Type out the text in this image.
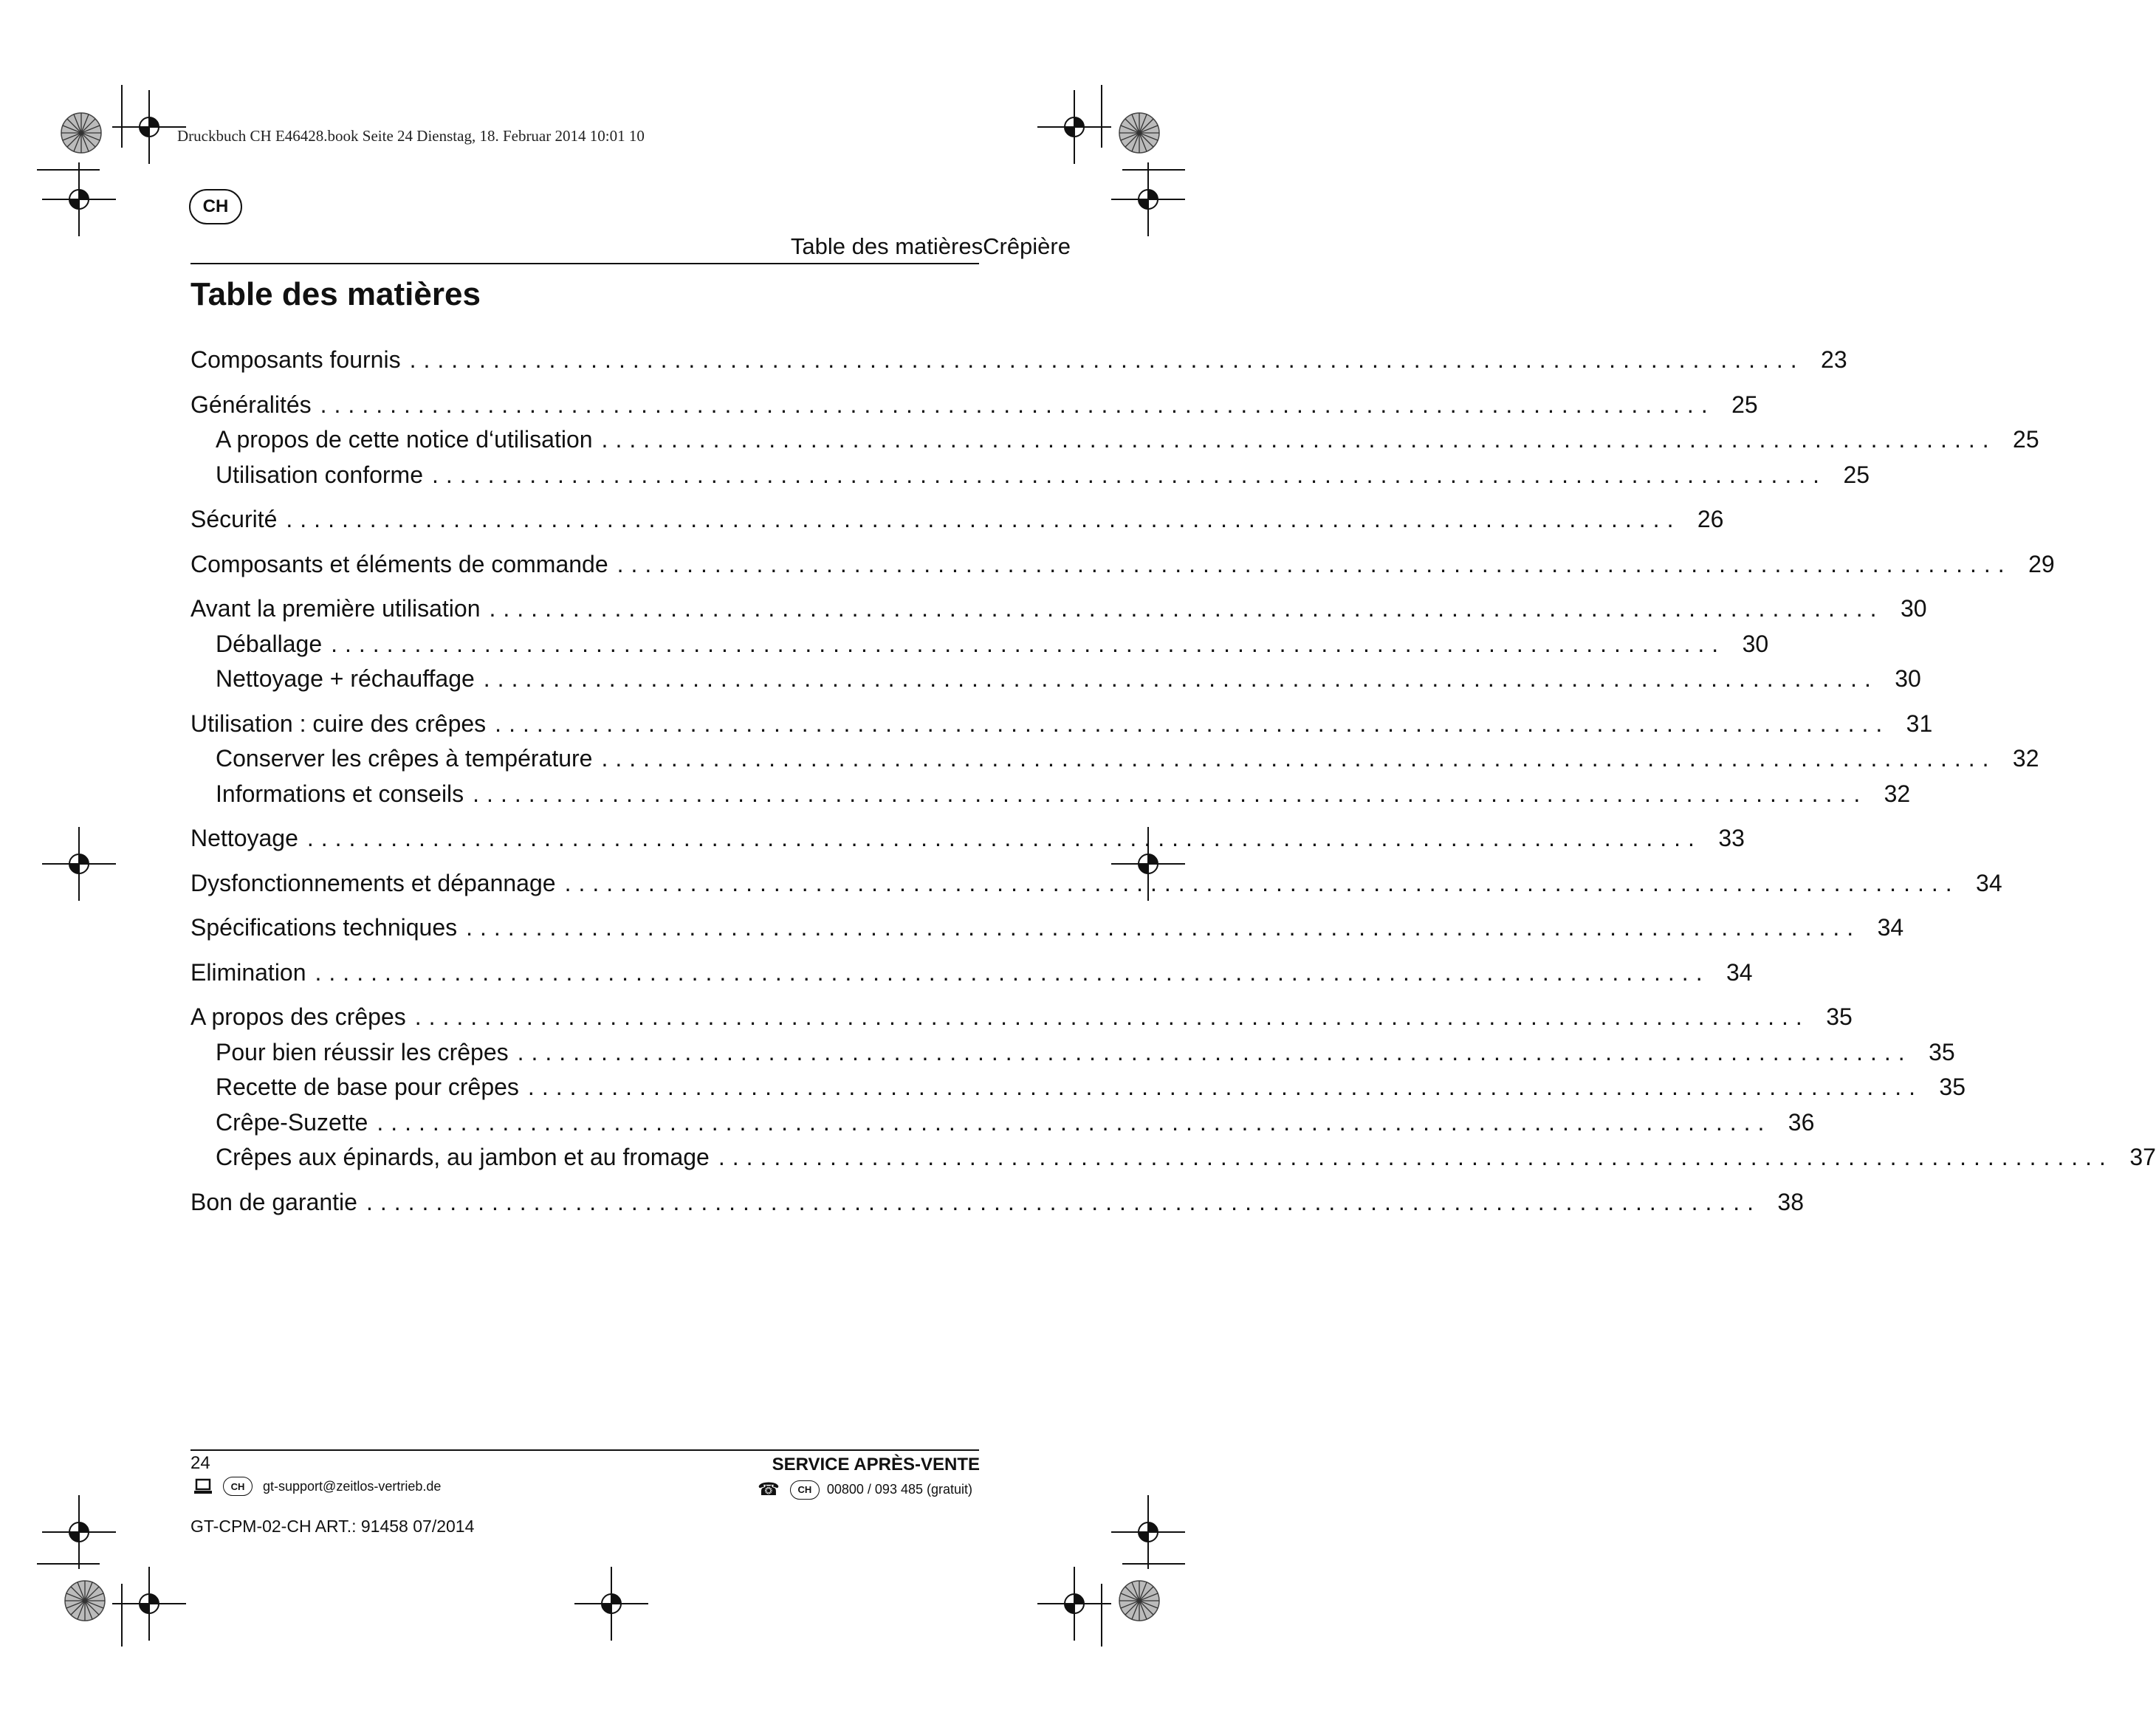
Druckbuch CH E46428.book Seite 24 Dienstag, 18. Februar 2014 10:01 10
CH
Table des matièresCrêpière
Table des matières
Composants fournis .................................................................................................... 23
Généralités .................................................................................................... 25
A propos de cette notice d‘utilisation .................................................................................................... 25
Utilisation conforme .................................................................................................... 25
Sécurité .................................................................................................... 26
Composants et éléments de commande .................................................................................................... 29
Avant la première utilisation .................................................................................................... 30
Déballage .................................................................................................... 30
Nettoyage + réchauffage .................................................................................................... 30
Utilisation : cuire des crêpes .................................................................................................... 31
Conserver les crêpes à température .................................................................................................... 32
Informations et conseils .................................................................................................... 32
Nettoyage .................................................................................................... 33
Dysfonctionnements et dépannage .................................................................................................... 34
Spécifications techniques .................................................................................................... 34
Elimination .................................................................................................... 34
A propos des crêpes .................................................................................................... 35
Pour bien réussir les crêpes .................................................................................................... 35
Recette de base pour crêpes .................................................................................................... 35
Crêpe-Suzette .................................................................................................... 36
Crêpes aux épinards, au jambon et au fromage .................................................................................................... 37
Bon de garantie .................................................................................................... 38
24	SERVICE APRÈS-VENTE
CH	gt-support@zeitlos-vertrieb.de	☎	CH	00800 / 093 485 (gratuit)
GT-CPM-02-CH ART.: 91458 07/2014
